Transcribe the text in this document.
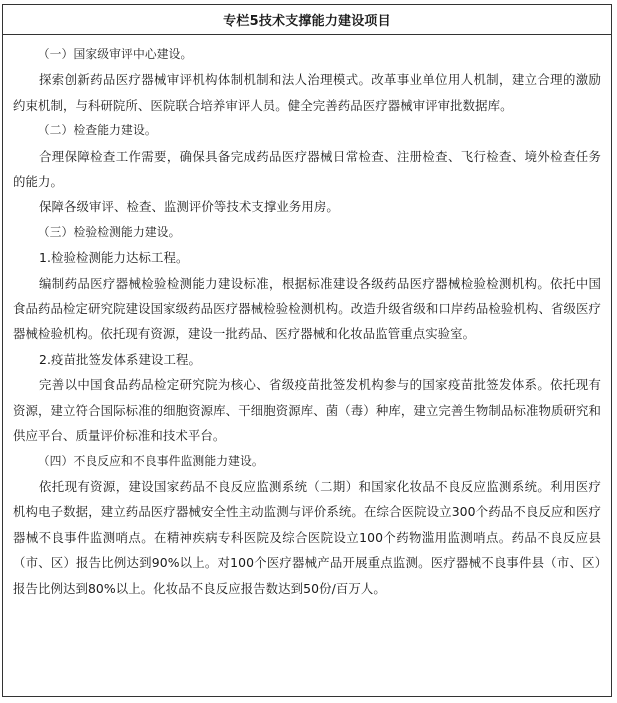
专栏5技术支撑能力建设项目

（一）国家级审评中心建设。

探索创新药品医疗器械审评机构体制机制和法人治理模式。改革事业单位用人机制，建立合理的激励约束机制，与科研院所、医院联合培养审评人员。健全完善药品医疗器械审评审批数据库。

（二）检查能力建设。

合理保障检查工作需要，确保具备完成药品医疗器械日常检查、注册检查、飞行检查、境外检查任务的能力。

保障各级审评、检查、监测评价等技术支撑业务用房。

（三）检验检测能力建设。

1.检验检测能力达标工程。

编制药品医疗器械检验检测能力建设标准，根据标准建设各级药品医疗器械检验检测机构。依托中国食品药品检定研究院建设国家级药品医疗器械检验检测机构。改造升级省级和口岸药品检验机构、省级医疗器械检验机构。依托现有资源，建设一批药品、医疗器械和化妆品监管重点实验室。

2.疫苗批签发体系建设工程。

完善以中国食品药品检定研究院为核心、省级疫苗批签发机构参与的国家疫苗批签发体系。依托现有资源，建立符合国际标准的细胞资源库、干细胞资源库、菌（毒）种库，建立完善生物制品标准物质研究和供应平台、质量评价标准和技术平台。

（四）不良反应和不良事件监测能力建设。

依托现有资源，建设国家药品不良反应监测系统（二期）和国家化妆品不良反应监测系统。利用医疗机构电子数据，建立药品医疗器械安全性主动监测与评价系统。在综合医院设立300个药品不良反应和医疗器械不良事件监测哨点。在精神疾病专科医院及综合医院设立100个药物滥用监测哨点。药品不良反应县（市、区）报告比例达到90%以上。对100个医疗器械产品开展重点监测。医疗器械不良事件县（市、区）报告比例达到80%以上。化妆品不良反应报告数达到50份/百万人。
